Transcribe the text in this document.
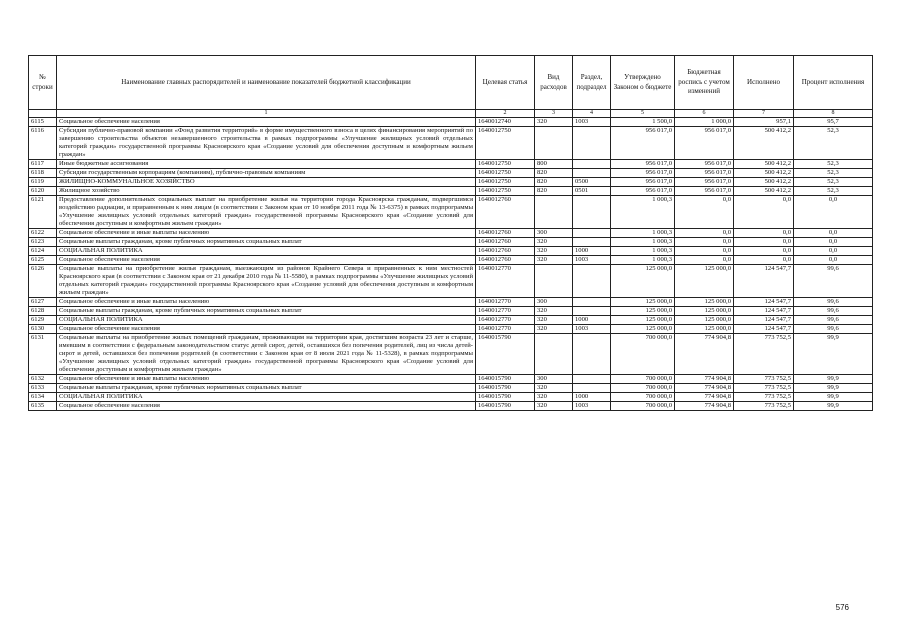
№ строки	Наименование главных распорядителей и наименование показателей бюджетной классификации	Целевая статья	Вид расходов	Раздел, подраздел	Утверждено Законом о бюджете	Бюджетная роспись с учетом изменений	Исполнено	Процент исполнения
	1	2	3	4	5	6	7	8
6115	Социальное обеспечение населения	1640012740	320	1003	1 500,0	1 000,0	957,1	95,7
6116	Субсидия публично-правовой компании «Фонд развития территорий» в форме имущественного взноса в целях финансирования мероприятий по завершению строительства объектов незавершенного строительства в рамках подпрограммы «Улучшение жилищных условий отдельных категорий граждан» государственной программы Красноярского края «Создание условий для обеспечения доступным и комфортным жильем граждан»	1640012750			956 017,0	956 017,0	500 412,2	52,3
6117	Иные бюджетные ассигнования	1640012750	800		956 017,0	956 017,0	500 412,2	52,3
6118	Субсидии государственным корпорациям (компаниям), публично-правовым компаниям	1640012750	820		956 017,0	956 017,0	500 412,2	52,3
6119	ЖИЛИЩНО-КОММУНАЛЬНОЕ ХОЗЯЙСТВО	1640012750	820	0500	956 017,0	956 017,0	500 412,2	52,3
6120	Жилищное хозяйство	1640012750	820	0501	956 017,0	956 017,0	500 412,2	52,3
6121	Предоставление дополнительных социальных выплат на приобретение жилья на территории города Красноярска гражданам, подвергшимся воздействию радиации, и приравненным к ним лицам (в соответствии с Законом края от 10 ноября 2011 года № 13-6375) в рамках подпрограммы «Улучшение жилищных условий отдельных категорий граждан» государственной программы Красноярского края «Создание условий для обеспечения доступным и комфортным жильем граждан»	1640012760			1 000,3	0,0	0,0	0,0
6122	Социальное обеспечение и иные выплаты населению	1640012760	300		1 000,3	0,0	0,0	0,0
6123	Социальные выплаты гражданам, кроме публичных нормативных социальных выплат	1640012760	320		1 000,3	0,0	0,0	0,0
6124	СОЦИАЛЬНАЯ ПОЛИТИКА	1640012760	320	1000	1 000,3	0,0	0,0	0,0
6125	Социальное обеспечение населения	1640012760	320	1003	1 000,3	0,0	0,0	0,0
6126	Социальные выплаты на приобретение жилья гражданам, выезжающим из районов Крайнего Севера и приравненных к ним местностей Красноярского края (в соответствии с Законом края от 21 декабря 2010 года № 11-5580), в рамках подпрограммы «Улучшение жилищных условий отдельных категорий граждан» государственной программы Красноярского края «Создание условий для обеспечения доступным и комфортным жильем граждан»	1640012770			125 000,0	125 000,0	124 547,7	99,6
6127	Социальное обеспечение и иные выплаты населению	1640012770	300		125 000,0	125 000,0	124 547,7	99,6
6128	Социальные выплаты гражданам, кроме публичных нормативных социальных выплат	1640012770	320		125 000,0	125 000,0	124 547,7	99,6
6129	СОЦИАЛЬНАЯ ПОЛИТИКА	1640012770	320	1000	125 000,0	125 000,0	124 547,7	99,6
6130	Социальное обеспечение населения	1640012770	320	1003	125 000,0	125 000,0	124 547,7	99,6
6131	Социальные выплаты на приобретение жилых помещений гражданам, проживающим на территории края, достигшим возраста 23 лет и старше, имевшим в соответствии с федеральным законодательством статус детей сирот, детей, оставшихся без попечения родителей, лиц из числа детей-сирот и детей, оставшихся без попечения родителей (в соответствии с Законом края от 8 июля 2021 года № 11-5328), в рамках подпрограммы «Улучшение жилищных условий отдельных категорий граждан» государственной программы Красноярского края «Создание условий для обеспечения доступным и комфортным жильем граждан»	1640015790			700 000,0	774 904,8	773 752,5	99,9
6132	Социальное обеспечение и иные выплаты населению	1640015790	300		700 000,0	774 904,8	773 752,5	99,9
6133	Социальные выплаты гражданам, кроме публичных нормативных социальных выплат	1640015790	320		700 000,0	774 904,8	773 752,5	99,9
6134	СОЦИАЛЬНАЯ ПОЛИТИКА	1640015790	320	1000	700 000,0	774 904,8	773 752,5	99,9
6135	Социальное обеспечение населения	1640015790	320	1003	700 000,0	774 904,8	773 752,5	99,9
576
